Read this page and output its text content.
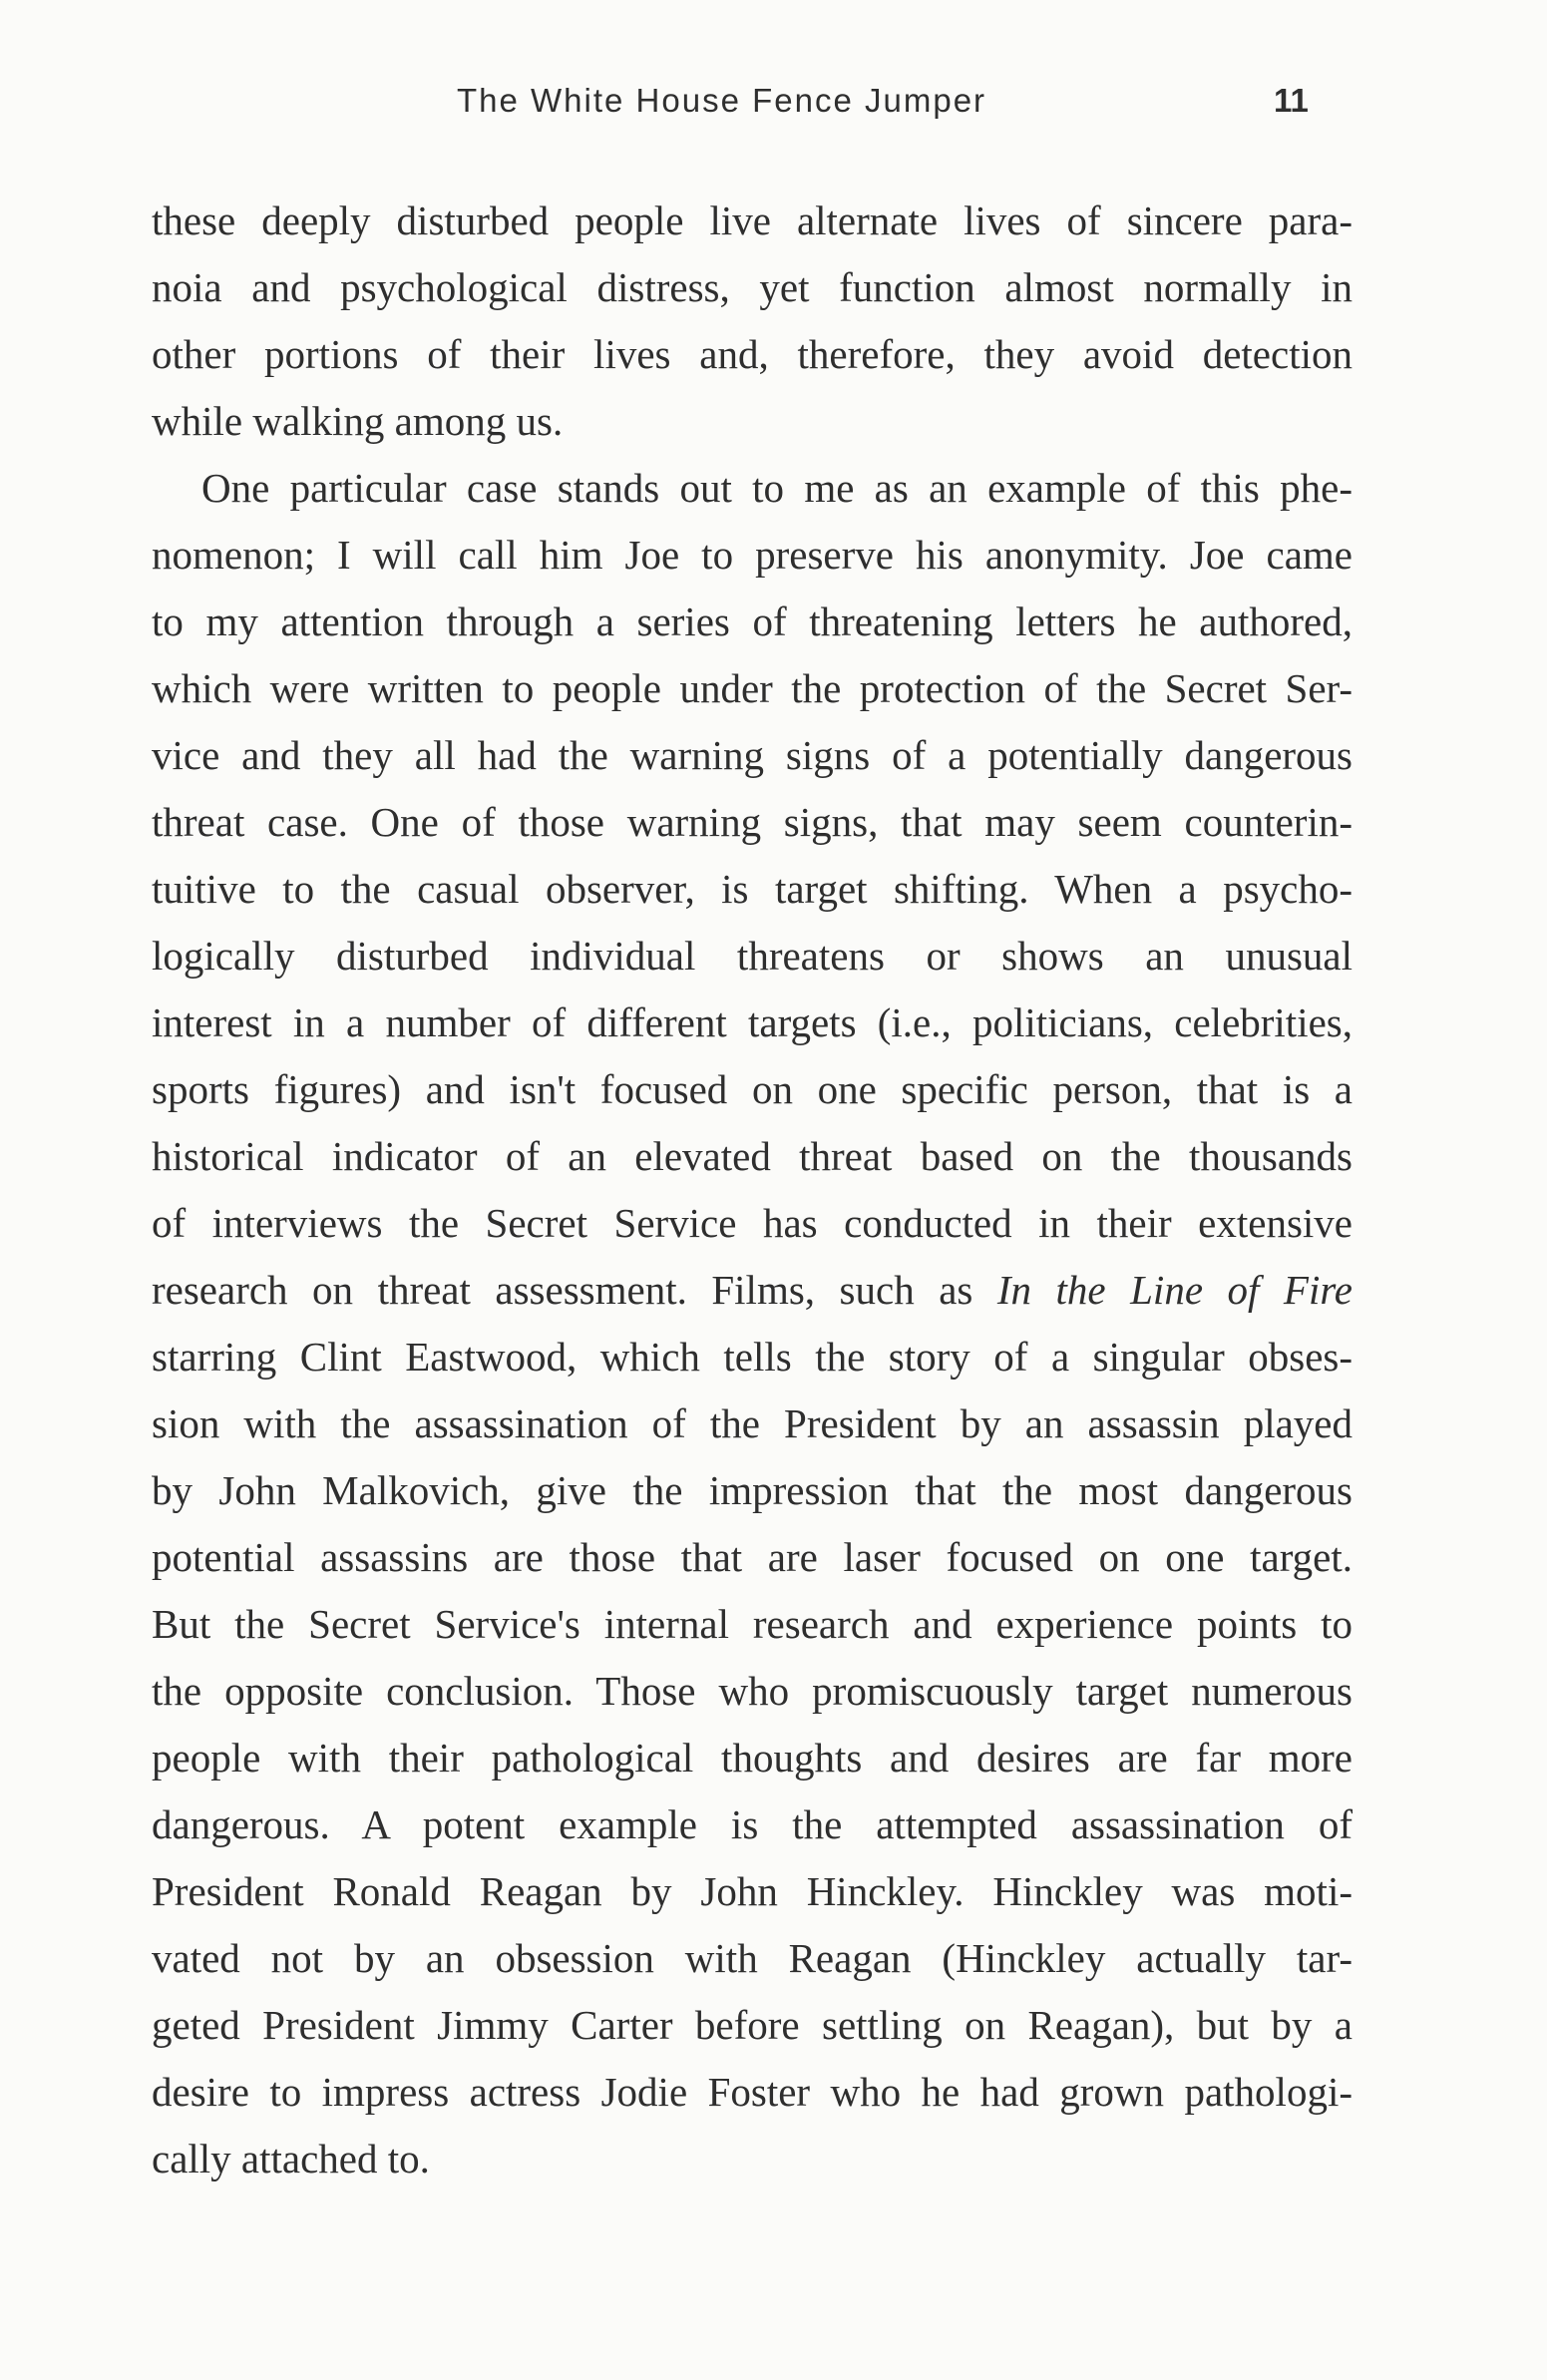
The White House Fence Jumper	11
these deeply disturbed people live alternate lives of sincere para-
noia and psychological distress, yet function almost normally in
other portions of their lives and, therefore, they avoid detection
while walking among us.
One particular case stands out to me as an example of this phe-
nomenon; I will call him Joe to preserve his anonymity. Joe came
to my attention through a series of threatening letters he authored,
which were written to people under the protection of the Secret Ser-
vice and they all had the warning signs of a potentially dangerous
threat case. One of those warning signs, that may seem counterin-
tuitive to the casual observer, is target shifting. When a psycho-
logically disturbed individual threatens or shows an unusual
interest in a number of different targets (i.e., politicians, celebrities,
sports figures) and isn't focused on one specific person, that is a
historical indicator of an elevated threat based on the thousands
of interviews the Secret Service has conducted in their extensive
research on threat assessment. Films, such as In the Line of Fire
starring Clint Eastwood, which tells the story of a singular obses-
sion with the assassination of the President by an assassin played
by John Malkovich, give the impression that the most dangerous
potential assassins are those that are laser focused on one target.
But the Secret Service's internal research and experience points to
the opposite conclusion. Those who promiscuously target numerous
people with their pathological thoughts and desires are far more
dangerous. A potent example is the attempted assassination of
President Ronald Reagan by John Hinckley. Hinckley was moti-
vated not by an obsession with Reagan (Hinckley actually tar-
geted President Jimmy Carter before settling on Reagan), but by a
desire to impress actress Jodie Foster who he had grown pathologi-
cally attached to.
